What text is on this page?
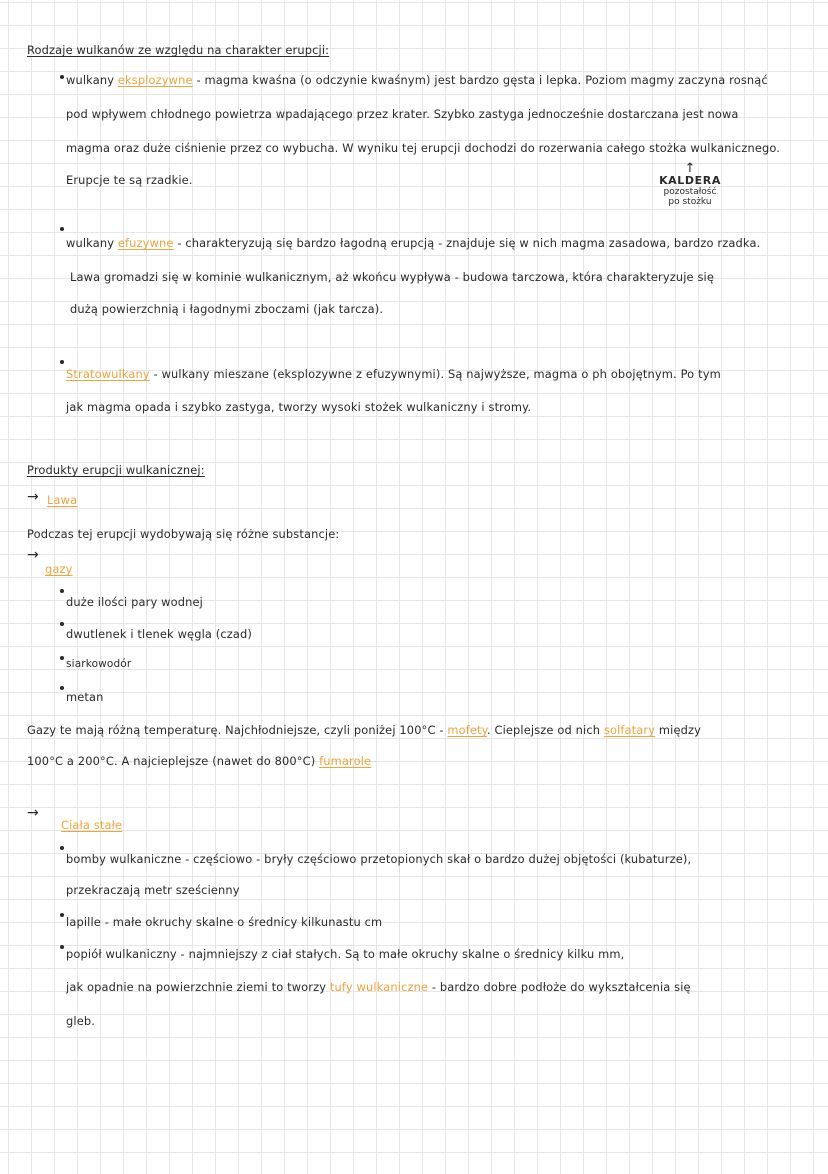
Rodzaje wulkanów ze względu na charakter erupcji:
wulkany eksplozywne - magma kwaśna (o odczynie kwaśnym) jest bardzo gęsta i lepka. Poziom magmy zaczyna rosnąć
pod wpływem chłodnego powietrza wpadającego przez krater. Szybko zastyga jednocześnie dostarczana jest nowa
magma oraz duże ciśnienie przez co wybucha. W wyniku tej erupcji dochodzi do rozerwania całego stożka wulkanicznego.
Erupcje te są rzadkie.
↑
KALDERA
pozostałość
po stożku
wulkany efuzywne - charakteryzują się bardzo łagodną erupcją - znajduje się w nich magma zasadowa, bardzo rzadka.
Lawa gromadzi się w kominie wulkanicznym, aż wkońcu wypływa - budowa tarczowa, która charakteryzuje się
dużą powierzchnią i łagodnymi zboczami (jak tarcza).
Stratowulkany - wulkany mieszane (eksplozywne z efuzywnymi). Są najwyższe, magma o ph obojętnym. Po tym
jak magma opada i szybko zastyga, tworzy wysoki stożek wulkaniczny i stromy.
Produkty erupcji wulkanicznej:
→ Lawa
Podczas tej erupcji wydobywają się różne substancje:
→
gazy
duże ilości pary wodnej
dwutlenek i tlenek węgla (czad)
siarkowodór
metan
Gazy te mają różną temperaturę. Najchłodniejsze, czyli poniżej 100°C - mofety. Cieplejsze od nich solfatary między
100°C a 200°C. A najcieplejsze (nawet do 800°C) fumarole
→
Ciała stałe
bomby wulkaniczne - częściowo - bryły częściowo przetopionych skał o bardzo dużej objętości (kubaturze),
przekraczają metr sześcienny
lapille - małe okruchy skalne o średnicy kilkunastu cm
popiół wulkaniczny - najmniejszy z ciał stałych. Są to małe okruchy skalne o średnicy kilku mm,
jak opadnie na powierzchnie ziemi to tworzy tufy wulkaniczne - bardzo dobre podłoże do wykształcenia się
gleb.
